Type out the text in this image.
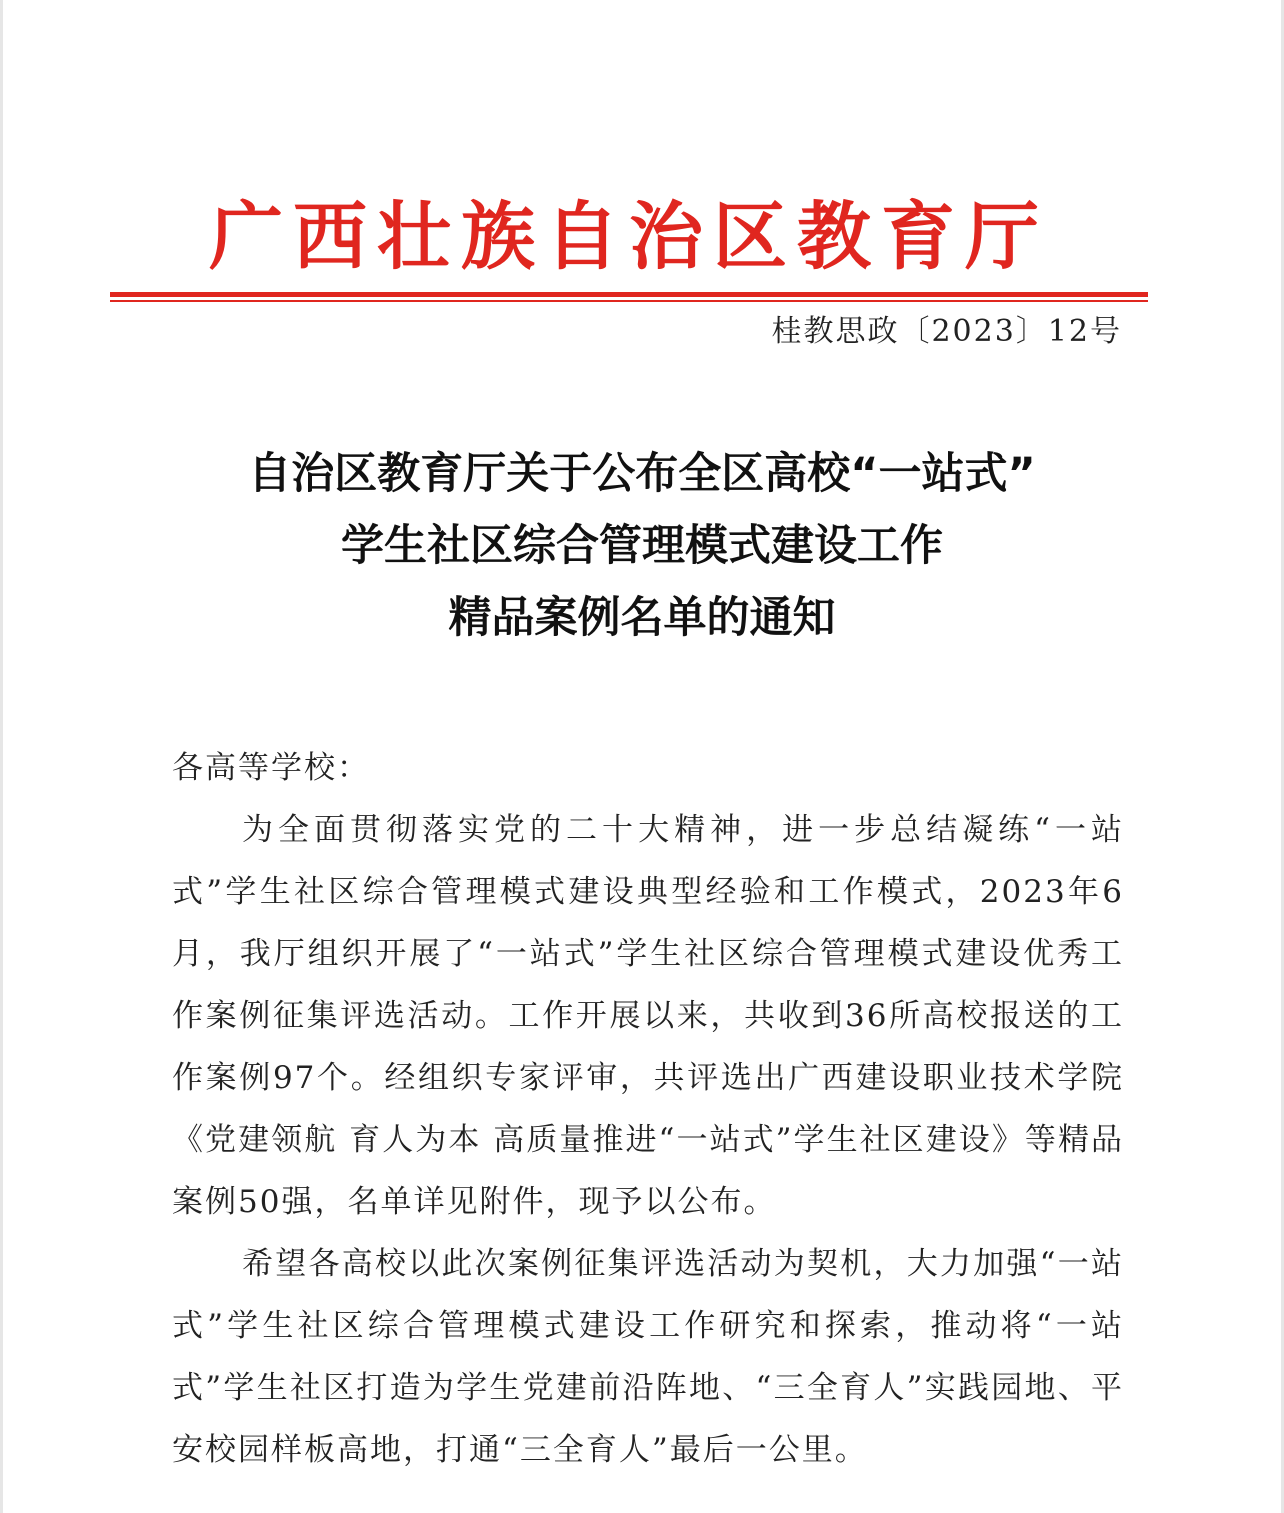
广西壮族自治区教育厅
桂教思政〔2023〕12号
自治区教育厅关于公布全区高校“一站式”
学生社区综合管理模式建设工作
精品案例名单的通知

各高等学校：

为全面贯彻落实党的二十大精神，进一步总结凝练“一站式”学生社区综合管理模式建设典型经验和工作模式，2023年6月，我厅组织开展了“一站式”学生社区综合管理模式建设优秀工作案例征集评选活动。工作开展以来，共收到36所高校报送的工作案例97个。经组织专家评审，共评选出广西建设职业技术学院《党建领航 育人为本 高质量推进“一站式”学生社区建设》等精品案例50强，名单详见附件，现予以公布。

希望各高校以此次案例征集评选活动为契机，大力加强“一站式”学生社区综合管理模式建设工作研究和探索，推动将“一站式”学生社区打造为学生党建前沿阵地、“三全育人”实践园地、平安校园样板高地，打通“三全育人”最后一公里。
